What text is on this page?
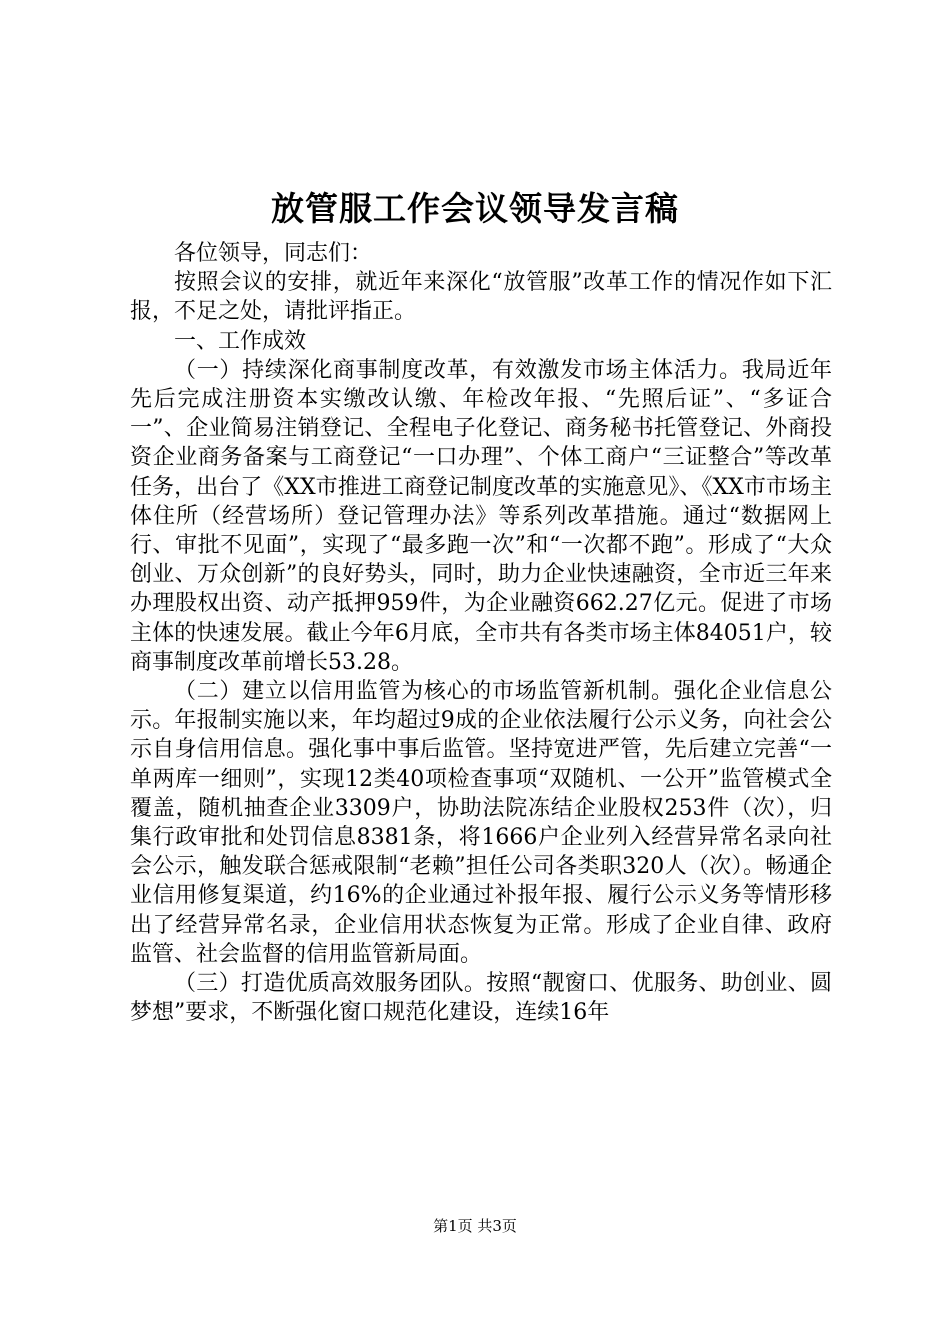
放管服工作会议领导发言稿

各位领导，同志们：

按照会议的安排，就近年来深化“放管服”改革工作的情况作如下汇报，不足之处，请批评指正。

一、工作成效

（一）持续深化商事制度改革，有效激发市场主体活力。我局近年先后完成注册资本实缴改认缴、年检改年报、“先照后证”、“多证合一”、企业简易注销登记、全程电子化登记、商务秘书托管登记、外商投资企业商务备案与工商登记“一口办理”、个体工商户“三证整合”等改革任务，出台了《XX市推进工商登记制度改革的实施意见》、《XX市市场主体住所（经营场所）登记管理办法》等系列改革措施。通过“数据网上行、审批不见面”，实现了“最多跑一次”和“一次都不跑”。形成了“大众创业、万众创新”的良好势头，同时，助力企业快速融资，全市近三年来办理股权出资、动产抵押959件，为企业融资662.27亿元。促进了市场主体的快速发展。截止今年6月底，全市共有各类市场主体84051户，较商事制度改革前增长53.28。

（二）建立以信用监管为核心的市场监管新机制。强化企业信息公示。年报制实施以来，年均超过9成的企业依法履行公示义务，向社会公示自身信用信息。强化事中事后监管。坚持宽进严管，先后建立完善“一单两库一细则”，实现12类40项检查事项“双随机、一公开”监管模式全覆盖，随机抽查企业3309户，协助法院冻结企业股权253件（次），归集行政审批和处罚信息8381条，将1666户企业列入经营异常名录向社会公示，触发联合惩戒限制“老赖”担任公司各类职320人（次）。畅通企业信用修复渠道，约16%的企业通过补报年报、履行公示义务等情形移出了经营异常名录，企业信用状态恢复为正常。形成了企业自律、政府监管、社会监督的信用监管新局面。

（三）打造优质高效服务团队。按照“靓窗口、优服务、助创业、圆梦想”要求，不断强化窗口规范化建设，连续16年

第1页 共3页
